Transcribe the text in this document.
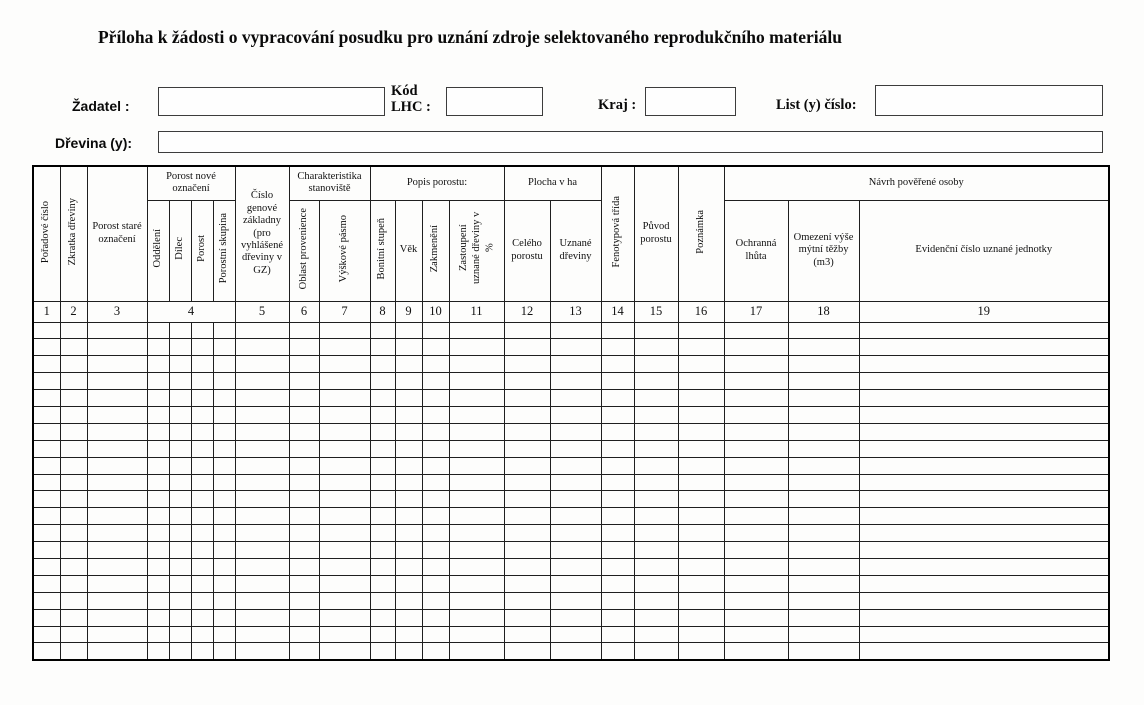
Příloha k žádosti o vypracování posudku pro uznání zdroje selektovaného reprodukčního materiálu
Žadatel :
Kód
LHC :	Kraj :	List (y) číslo:
Dřevina (y):
Pořadové číslo	Zkratka dřeviny	Porost staré označení	Porost nové označení				Číslo genové základny (pro vyhlášené dřeviny v GZ)	Charakteristika stanoviště		Popis porostu:				Plocha v ha		Fenotypová třída	Původ porostu	Poznámka	Návrh pověřené osoby		
			Oddělení	Dílec	Porost	Porostní skupina		Oblast provenience	Výškové pásmo	Bonitní stupeň	Věk	Zakmenění	Zastoupení uznané dřeviny v %	Celého porostu	Uznané dřeviny				Ochranná lhůta	Omezení výše mýtní těžby (m3)	Evidenční číslo uznané jednotky
1	2	3	4				5	6	7	8	9	10	11	12	13	14	15	16	17	18	19
